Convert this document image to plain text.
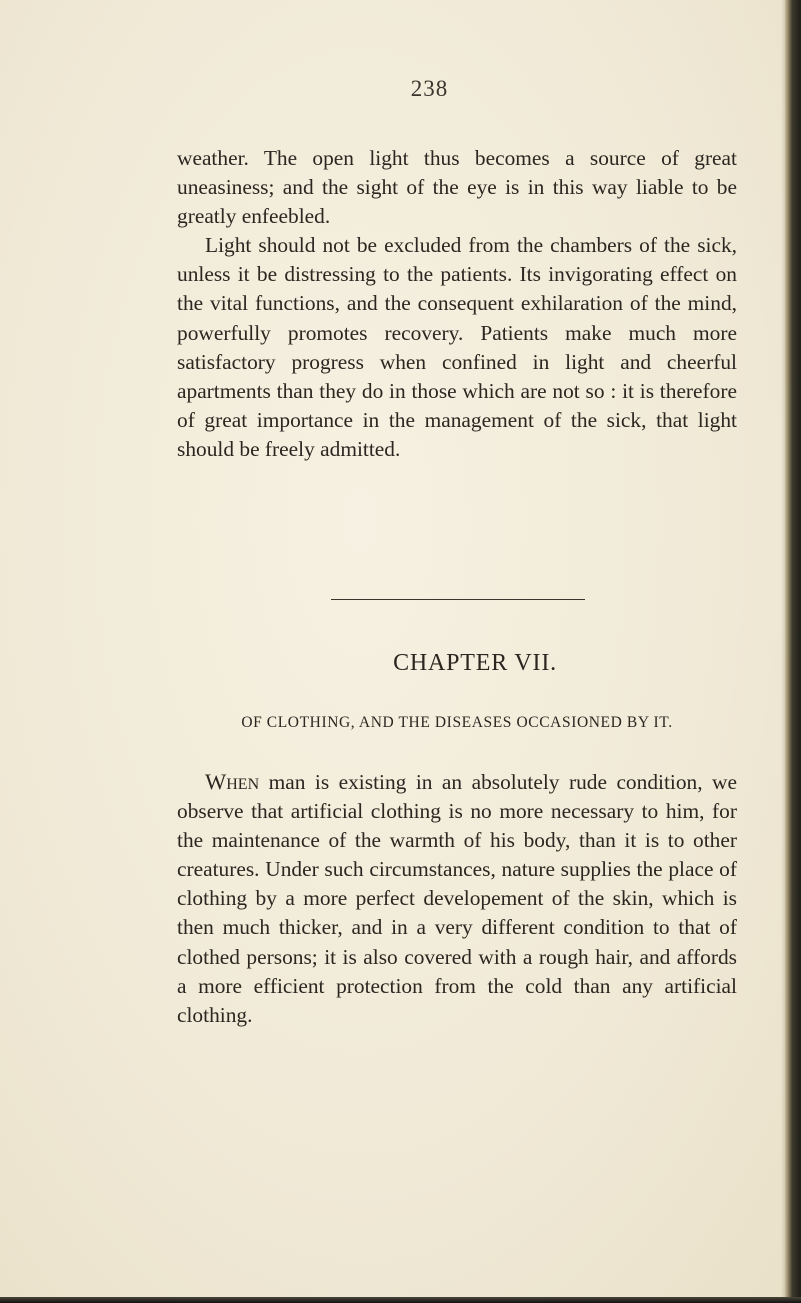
238

weather. The open light thus becomes a source of great uneasiness; and the sight of the eye is in this way liable to be greatly enfeebled.

Light should not be excluded from the chambers of the sick, unless it be distressing to the patients. Its invigorating effect on the vital functions, and the consequent exhilaration of the mind, powerfully promotes recovery. Patients make much more satisfactory progress when confined in light and cheerful apartments than they do in those which are not so : it is therefore of great importance in the management of the sick, that light should be freely admitted.

CHAPTER VII.
OF CLOTHING, AND THE DISEASES OCCASIONED BY IT.

When man is existing in an absolutely rude condition, we observe that artificial clothing is no more necessary to him, for the maintenance of the warmth of his body, than it is to other creatures. Under such circumstances, nature supplies the place of clothing by a more perfect developement of the skin, which is then much thicker, and in a very different condition to that of clothed persons; it is also covered with a rough hair, and affords a more efficient protection from the cold than any artificial clothing.
